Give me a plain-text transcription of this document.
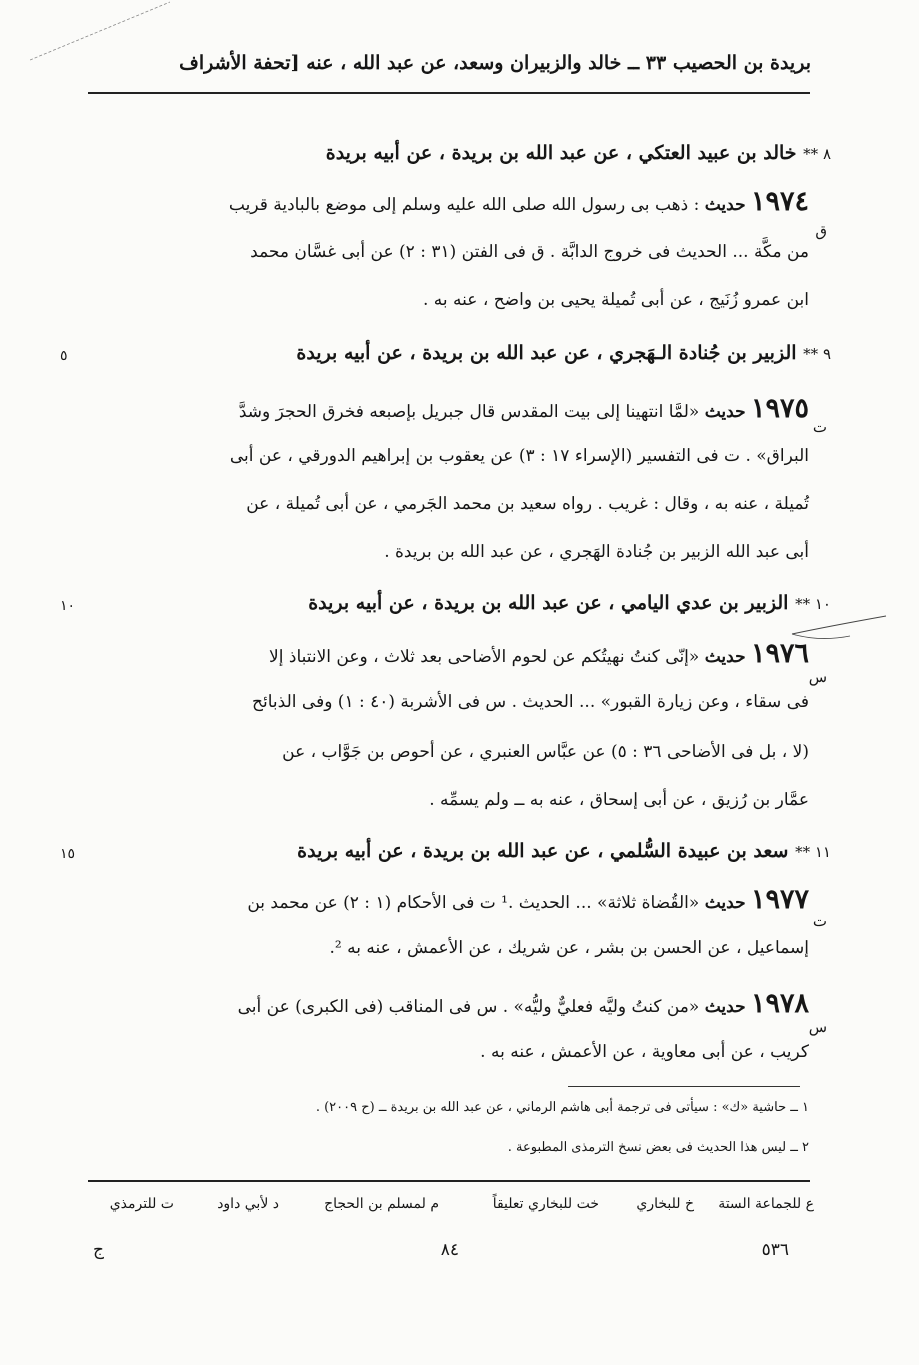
بريدة بن الحصيب ٣٣ ــ خالد والزبيران وسعد، عن عبد الله ، عنه [تحفة الأشراف
٨ ** خالد بن عبيد العتكي ، عن عبد الله بن بريدة ، عن أبيه بريدة
١٩٧٤ حديث : ذهب بى رسول الله صلى الله عليه وسلم إلى موضع بالبادية قريب
ق
من مكَّة ... الحديث فى خروج الدابَّة . ق فى الفتن (٣١ : ٢) عن أبى غسَّان محمد
ابن عمرو زُنَيج ، عن أبى تُميلة يحيى بن واضح ، عنه به .
٩ ** الزبير بن جُنادة الـهَجري ، عن عبد الله بن بريدة ، عن أبيه بريدة
٥
١٩٧٥ حديث «لمَّا انتهينا إلى بيت المقدس قال جبريل بإصبعه فخرق الحجرَ وشدَّ
ت
البراق» . ت فى التفسير (الإسراء ١٧ : ٣) عن يعقوب بن إبراهيم الدورقي ، عن أبى
تُميلة ، عنه به ، وقال : غريب . رواه سعيد بن محمد الجَرمي ، عن أبى تُميلة ، عن
أبى عبد الله الزبير بن جُنادة الهَجري ، عن عبد الله بن بريدة .
١٠ ** الزبير بن عدي اليامي ، عن عبد الله بن بريدة ، عن أبيه بريدة
١٠
١٩٧٦ حديث «إنّى كنتُ نهيتُكم عن لحوم الأضاحى بعد ثلاث ، وعن الانتباذ إلا
س
فى سقاء ، وعن زيارة القبور» ... الحديث . س فى الأشربة (٤٠ : ١) وفى الذبائح
(لا ، بل فى الأضاحى ٣٦ : ٥) عن عبَّاس العنبري ، عن أحوص بن جَوَّاب ، عن
عمَّار بن رُزيق ، عن أبى إسحاق ، عنه به ــ ولم يسمِّه .
١١ ** سعد بن عبيدة السُّلمي ، عن عبد الله بن بريدة ، عن أبيه بريدة
١٥
١٩٧٧ حديث «القُضاة ثلاثة» ... الحديث .¹ ت فى الأحكام (١ : ٢) عن محمد بن
ت
إسماعيل ، عن الحسن بن بشر ، عن شريك ، عن الأعمش ، عنه به ².
١٩٧٨ حديث «من كنتُ وليَّه فعليٌّ وليُّه» . س فى المناقب (فى الكبرى) عن أبى
س
كريب ، عن أبى معاوية ، عن الأعمش ، عنه به .
١ ــ حاشية «ك» : سيأتى فى ترجمة أبى هاشم الرماني ، عن عبد الله بن بريدة ــ (ح ٢٠٠٩) .
٢ ــ ليس هذا الحديث فى بعض نسخ الترمذى المطبوعة .
ع للجماعة الستة
خ للبخاري
خت للبخاري تعليقاً
م لمسلم بن الحجاج
د لأبي داود
ت للترمذي
٥٣٦
٨٤
ج
